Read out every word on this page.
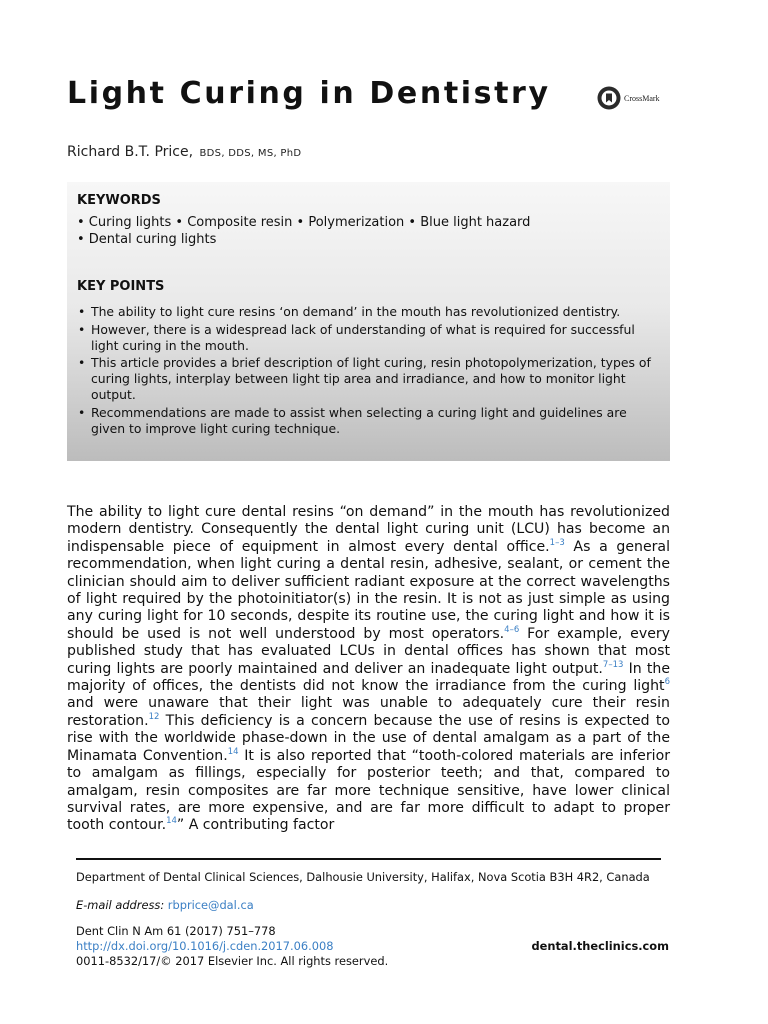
Light Curing in Dentistry	CrossMark
Richard B.T. Price, BDS, DDS, MS, PhD
KEYWORDS

• Curing lights • Composite resin • Polymerization • Blue light hazard

• Dental curing lights

KEY POINTS
• The ability to light cure resins ‘on demand’ in the mouth has revolutionized dentistry.
• However, there is a widespread lack of understanding of what is required for successful light curing in the mouth.
• This article provides a brief description of light curing, resin photopolymerization, types of curing lights, interplay between light tip area and irradiance, and how to monitor light output.
• Recommendations are made to assist when selecting a curing light and guidelines are given to improve light curing technique.

The ability to light cure dental resins “on demand” in the mouth has revolutionized modern dentistry. Consequently the dental light curing unit (LCU) has become an indispensable piece of equipment in almost every dental office.$^{1-3}$ As a general recommendation, when light curing a dental resin, adhesive, sealant, or cement the clinician should aim to deliver sufficient radiant exposure at the correct wavelengths of light required by the photoinitiator(s) in the resin. It is not as just simple as using any curing light for 10 seconds, despite its routine use, the curing light and how it is should be used is not well understood by most operators.$^{4-6}$ For example, every published study that has evaluated LCUs in dental offices has shown that most curing lights are poorly maintained and deliver an inadequate light output.$^{7-13}$ In the majority of offices, the dentists did not know the irradiance from the curing light$^6$ and were unaware that their light was unable to adequately cure their resin restoration.$^{12}$ This deficiency is a concern because the use of resins is expected to rise with the worldwide phase-down in the use of dental amalgam as a part of the Minamata Convention.$^{14}$ It is also reported that “tooth-colored materials are inferior to amalgam as fillings, especially for posterior teeth; and that, compared to amalgam, resin composites are far more technique sensitive, have lower clinical survival rates, are more expensive, and are far more difficult to adapt to proper tooth contour.$^{14}$” A contributing factor

Department of Dental Clinical Sciences, Dalhousie University, Halifax, Nova Scotia B3H 4R2, Canada

E-mail address: rbprice@dal.ca
Dent Clin N Am 61 (2017) 751–778
http://dx.doi.org/10.1016/j.cden.2017.06.008
0011-8532/17/© 2017 Elsevier Inc. All rights reserved.
dental.theclinics.com
